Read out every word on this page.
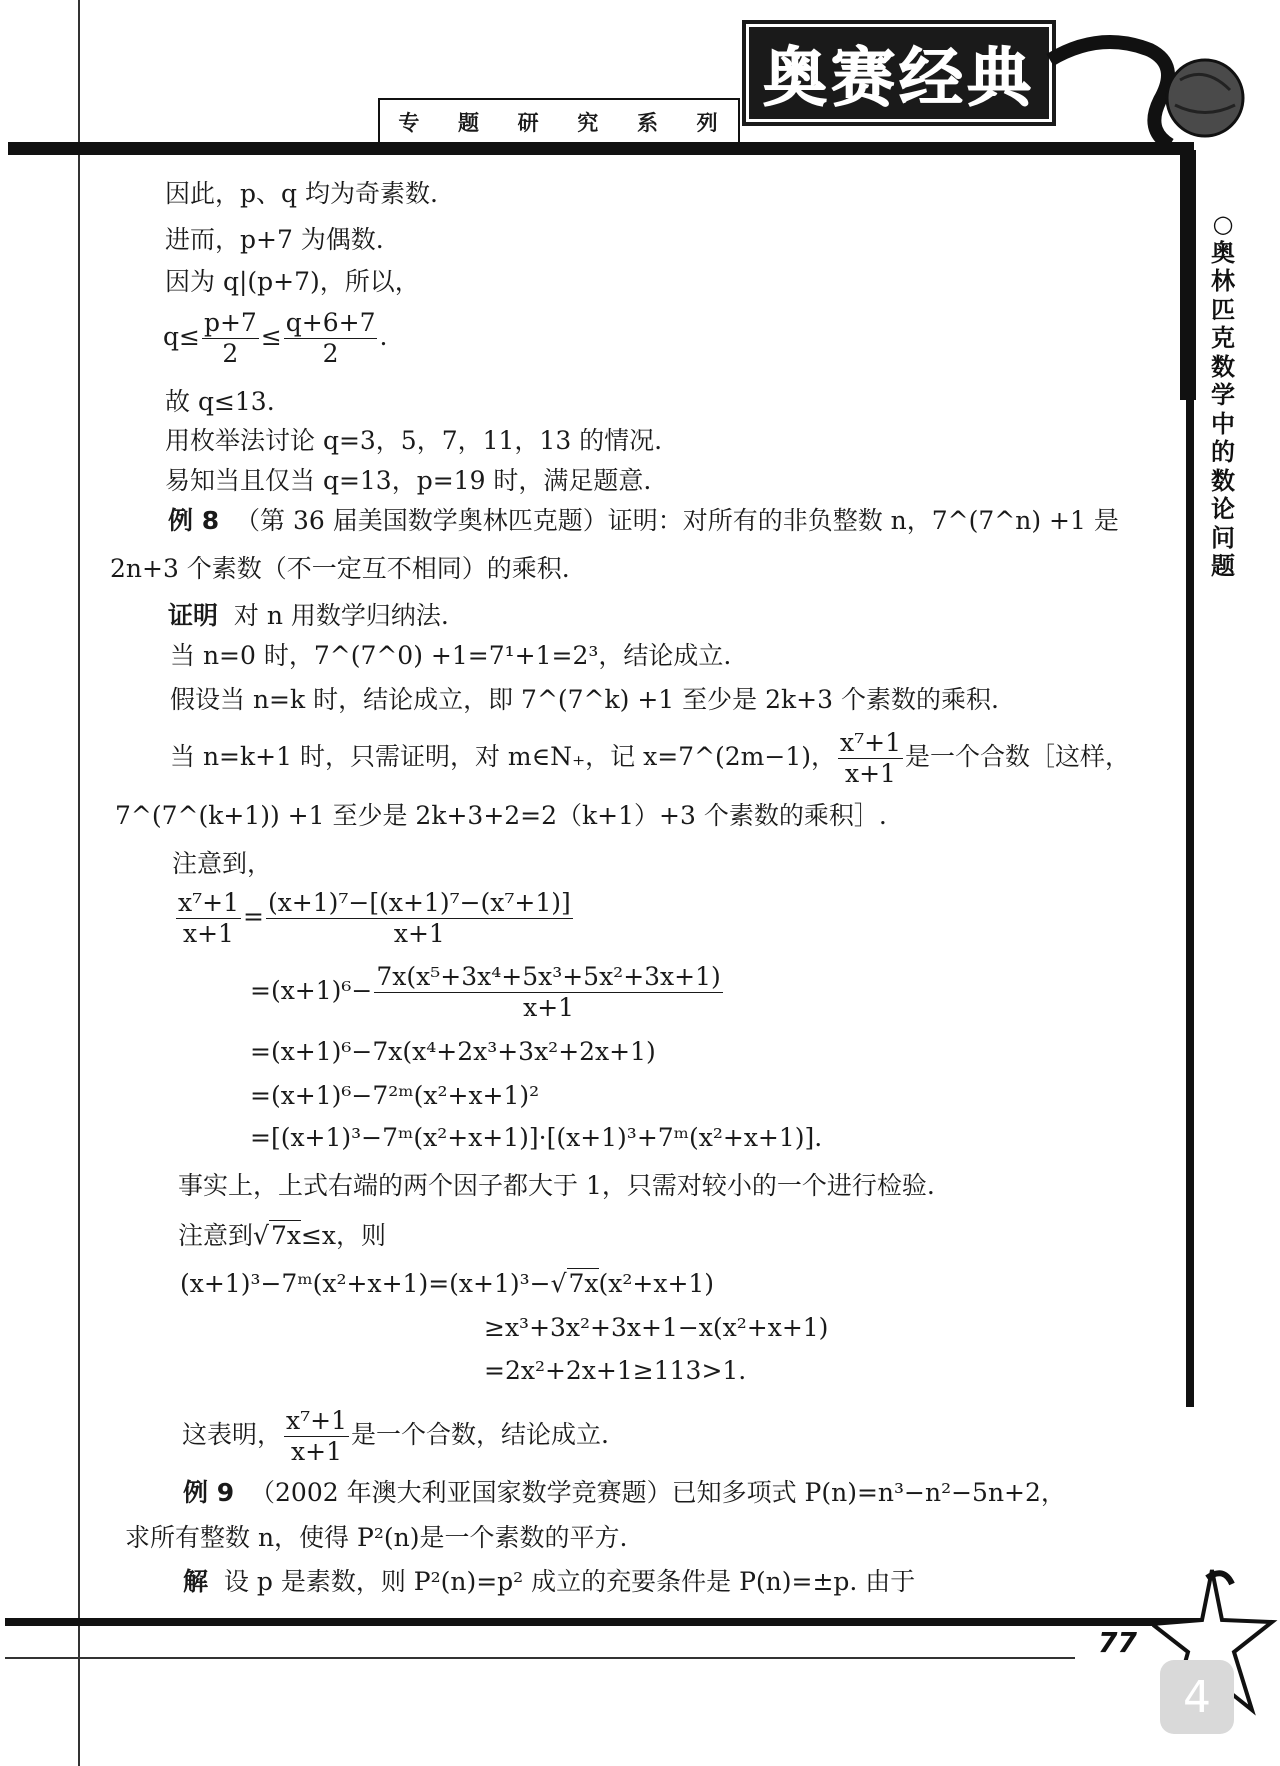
专 题 研 究 系 列
奥赛经典
○
奥
林
匹
克
数
学
中
的
数
论
问
题
因此，p、q 均为奇素数.
进而，p+7 为偶数.
因为 q|(p+7)，所以，
$q\le \frac{p+7}{2} \le \frac{q+6+7}{2}$ .
故 q≤13.
用枚举法讨论 q=3，5，7，11，13 的情况.
易知当且仅当 q=13，p=19 时，满足题意.
例 8 （第 36 届美国数学奥林匹克题）证明：对所有的非负整数 n，7^(7^n) +1 是
2n+3 个素数（不一定互不相同）的乘积.
证明 对 n 用数学归纳法.
当 n=0 时，7^(7^0) +1=7¹+1=2³，结论成立.
假设当 n=k 时，结论成立，即 7^(7^k) +1 至少是 2k+3 个素数的乘积.
当 n=k+1 时，只需证明，对 m∈N₊，记 x=7^(2m−1)， $\frac{\text{x⁷+1}}{x+1}$ 是一个合数［这样，
7^(7^(k+1)) +1 至少是 2k+3+2=2（k+1）+3 个素数的乘积］.
注意到，
$\frac{\text{x⁷+1}}{x+1} = \frac{\text{(x+1)⁷−[(x+1)⁷−(x⁷+1)]}}{x+1}$
$=(x+1)^6- \frac{\text{7x(x⁵+3x⁴+5x³+5x²+3x+1)}}{x+1}$
=(x+1)⁶−7x(x⁴+2x³+3x²+2x+1)
=(x+1)⁶−7²ᵐ(x²+x+1)²
=[(x+1)³−7ᵐ(x²+x+1)]·[(x+1)³+7ᵐ(x²+x+1)].
事实上，上式右端的两个因子都大于 1，只需对较小的一个进行检验.
注意到√7x≤x，则
(x+1)³−7ᵐ(x²+x+1)=(x+1)³−√7x(x²+x+1)
≥x³+3x²+3x+1−x(x²+x+1)
=2x²+2x+1≥113>1.
这表明， $\frac{\text{x⁷+1}}{x+1}$ 是一个合数，结论成立.
例 9 （2002 年澳大利亚国家数学竞赛题）已知多项式 P(n)=n³−n²−5n+2，
求所有整数 n，使得 P²(n)是一个素数的平方.
解 设 p 是素数，则 P²(n)=p² 成立的充要条件是 P(n)=±p. 由于
77
4
